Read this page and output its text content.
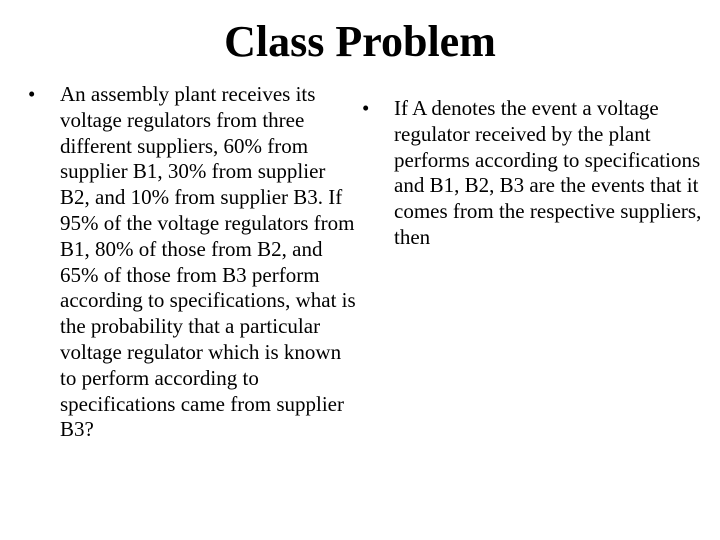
Class Problem

•	An assembly plant receives its voltage regulators from three different suppliers, 60% from supplier B1, 30% from supplier B2, and 10% from supplier B3. If 95% of the voltage regulators from B1, 80% of those from B2, and 65% of those from B3 perform according to specifications, what is the probability that a particular voltage regulator which is known to perform according to specifications came from supplier B3?

•	If A denotes the event a voltage regulator received by the plant performs according to specifications and B1, B2, B3 are the events that it comes from the respective suppliers, then
